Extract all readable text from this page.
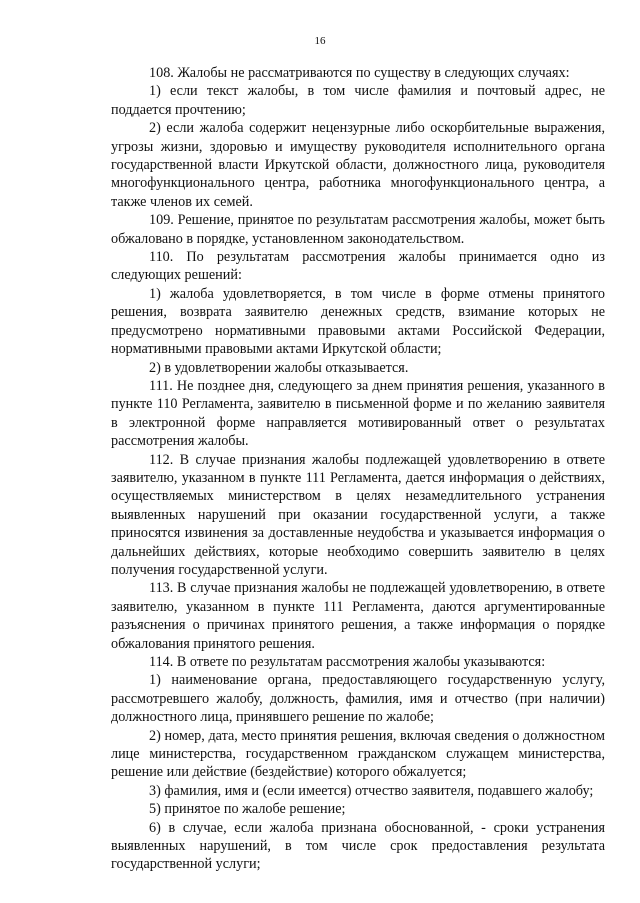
16

108. Жалобы не рассматриваются по существу в следующих случаях:

1) если текст жалобы, в том числе фамилия и почтовый адрес, не поддается прочтению;

2) если жалоба содержит нецензурные либо оскорбительные выражения, угрозы жизни, здоровью и имуществу руководителя исполнительного органа государственной власти Иркутской области, должностного лица, руководителя многофункционального центра, работника многофункционального центра, а также членов их семей.

109. Решение, принятое по результатам рассмотрения жалобы, может быть обжаловано в порядке, установленном законодательством.

110. По результатам рассмотрения жалобы принимается одно из следующих решений:

1) жалоба удовлетворяется, в том числе в форме отмены принятого решения, возврата заявителю денежных средств, взимание которых не предусмотрено нормативными правовыми актами Российской Федерации, нормативными правовыми актами Иркутской области;

2) в удовлетворении жалобы отказывается.

111. Не позднее дня, следующего за днем принятия решения, указанного в пункте 110 Регламента, заявителю в письменной форме и по желанию заявителя в электронной форме направляется мотивированный ответ о результатах рассмотрения жалобы.

112. В случае признания жалобы подлежащей удовлетворению в ответе заявителю, указанном в пункте 111 Регламента, дается информация о действиях, осуществляемых министерством в целях незамедлительного устранения выявленных нарушений при оказании государственной услуги, а также приносятся извинения за доставленные неудобства и указывается информация о дальнейших действиях, которые необходимо совершить заявителю в целях получения государственной услуги.

113. В случае признания жалобы не подлежащей удовлетворению, в ответе заявителю, указанном в пункте 111 Регламента, даются аргументированные разъяснения о причинах принятого решения, а также информация о порядке обжалования принятого решения.

114. В ответе по результатам рассмотрения жалобы указываются:

1) наименование органа, предоставляющего государственную услугу, рассмотревшего жалобу, должность, фамилия, имя и отчество (при наличии) должностного лица, принявшего решение по жалобе;

2) номер, дата, место принятия решения, включая сведения о должностном лице министерства, государственном гражданском служащем министерства, решение или действие (бездействие) которого обжалуется;

3) фамилия, имя и (если имеется) отчество заявителя, подавшего жалобу;

5) принятое по жалобе решение;

6) в случае, если жалоба признана обоснованной, - сроки устранения выявленных нарушений, в том числе срок предоставления результата государственной услуги;
